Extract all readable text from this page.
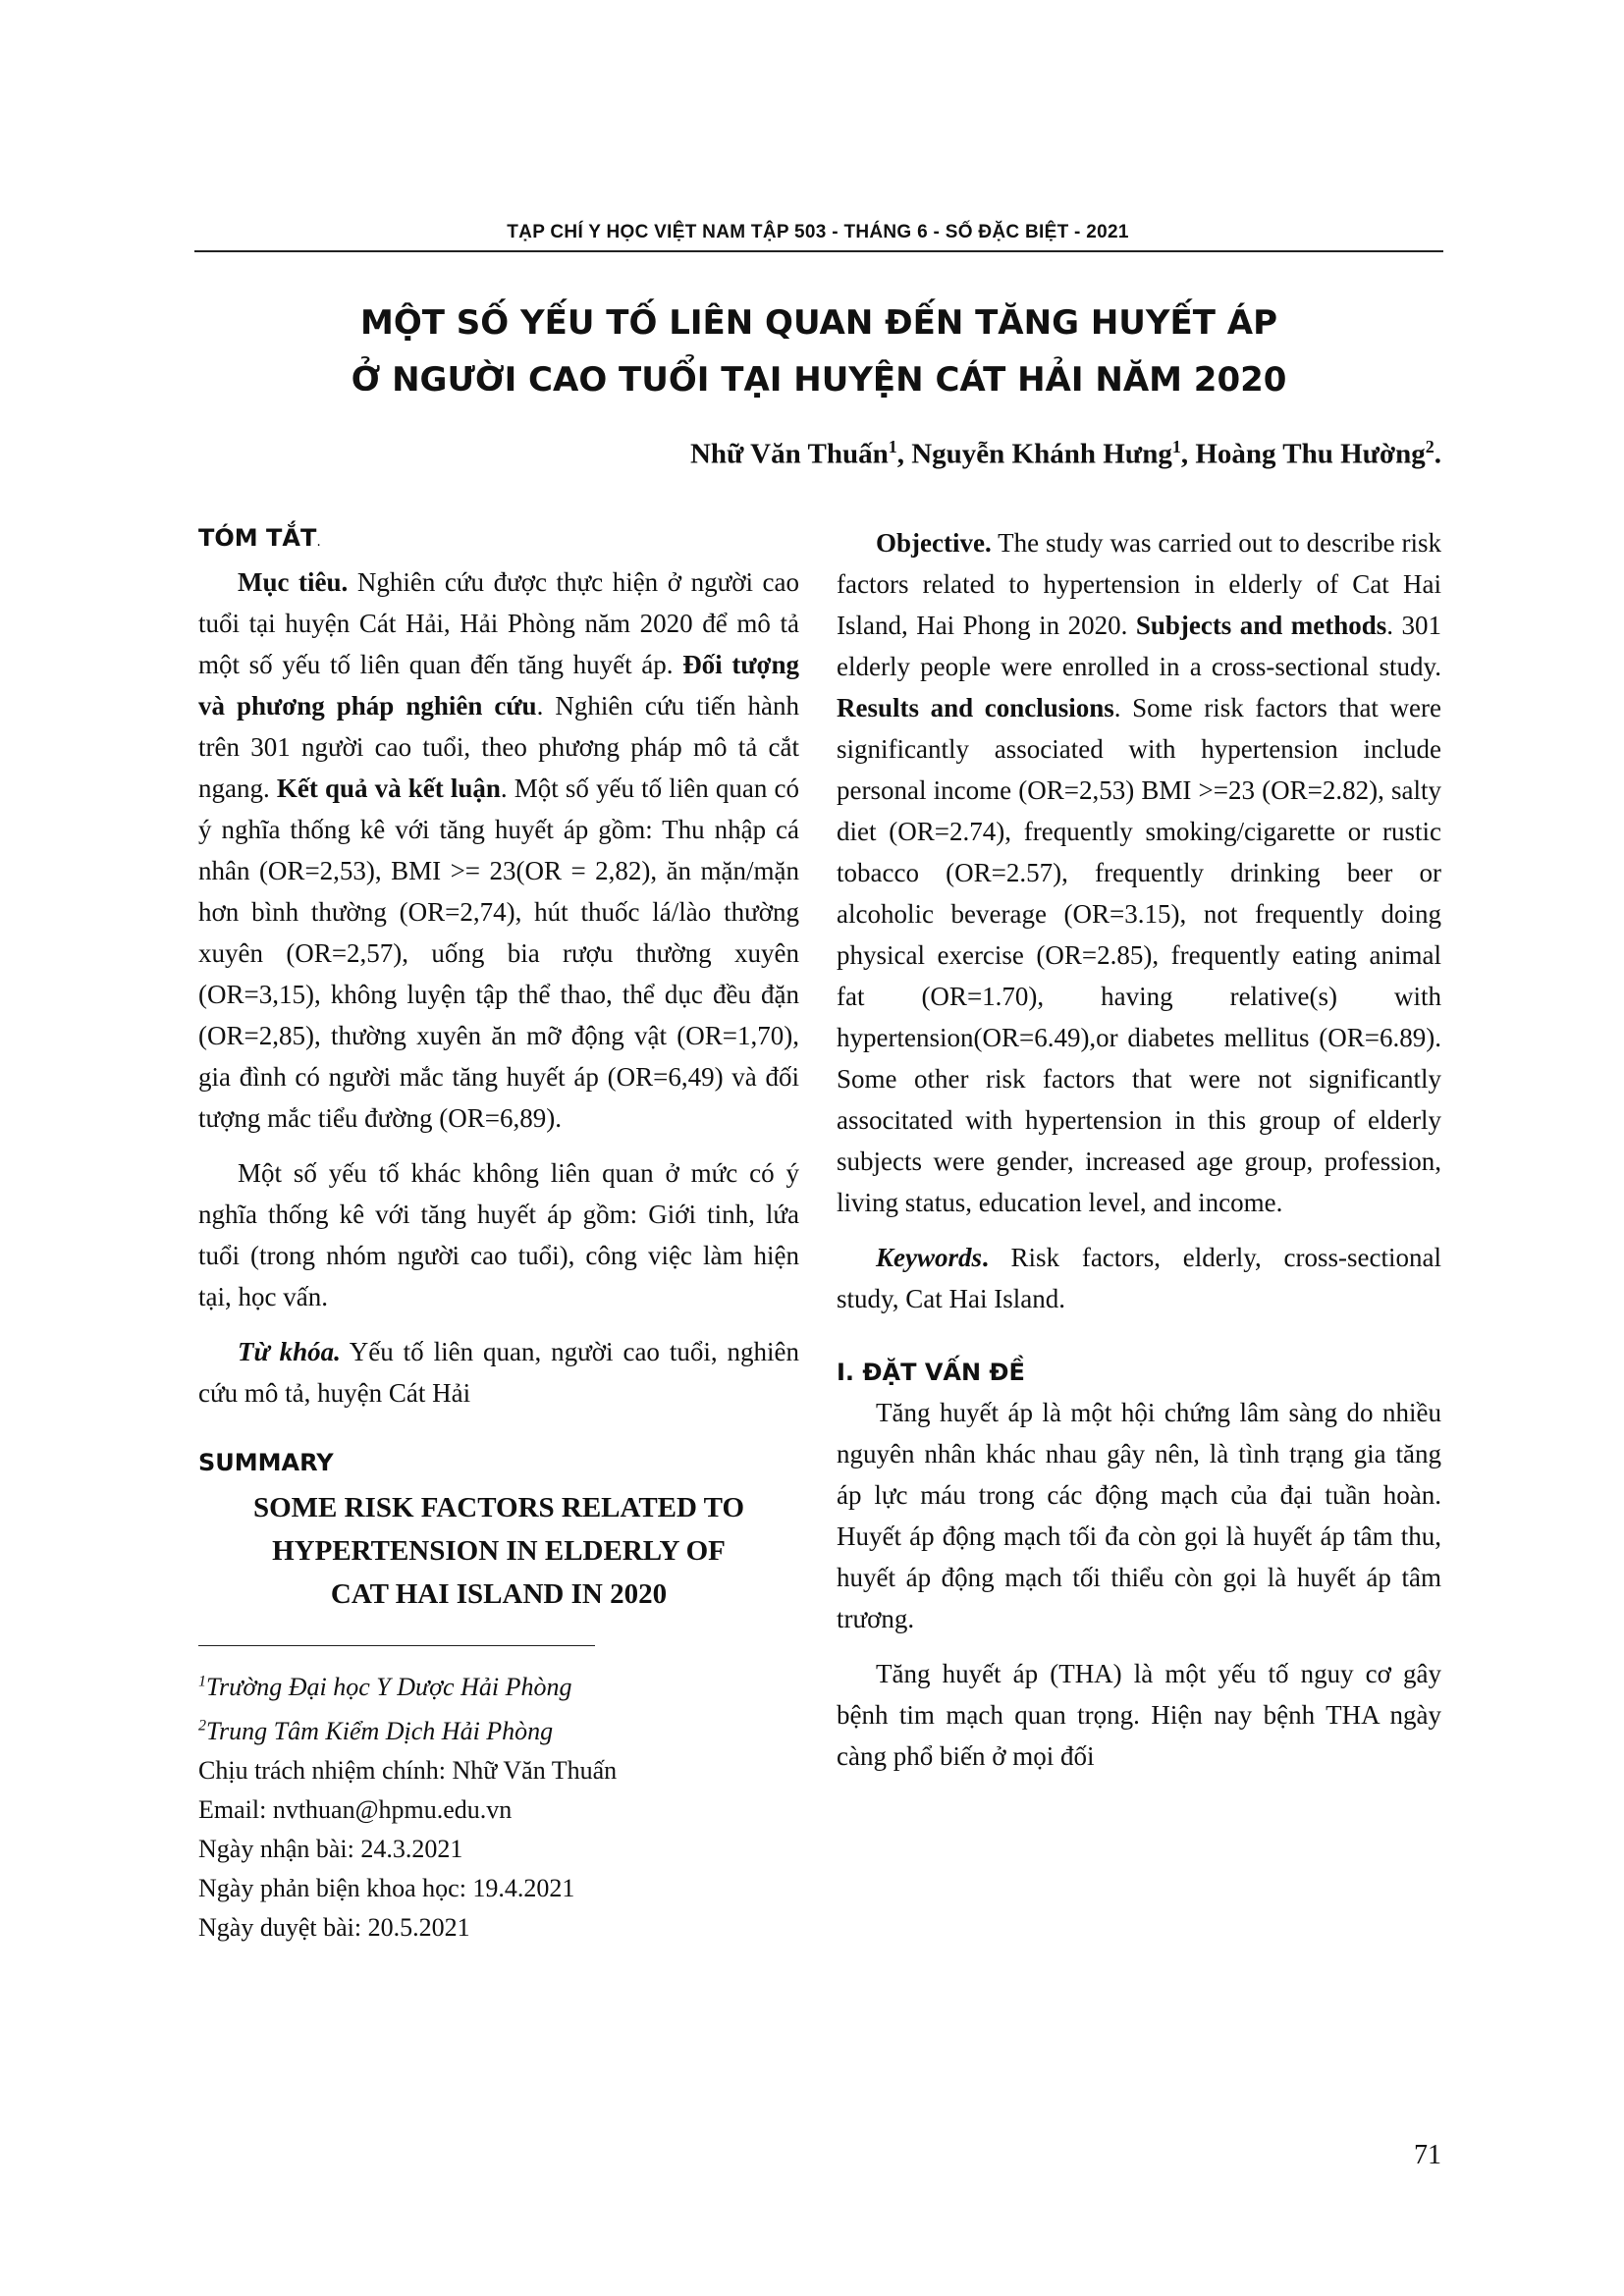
TẠP CHÍ Y HỌC VIỆT NAM TẬP 503 - THÁNG 6 - SỐ ĐẶC BIỆT - 2021
MỘT SỐ YẾU TỐ LIÊN QUAN ĐẾN TĂNG HUYẾT ÁP
Ở NGƯỜI CAO TUỔI TẠI HUYỆN CÁT HẢI NĂM 2020
Nhữ Văn Thuấn$^1$, Nguyễn Khánh Hưng$^1$, Hoàng Thu Hường$^2$.
TÓM TẮT.

Mục tiêu. Nghiên cứu được thực hiện ở người cao tuổi tại huyện Cát Hải, Hải Phòng năm 2020 để mô tả một số yếu tố liên quan đến tăng huyết áp. Đối tượng và phương pháp nghiên cứu. Nghiên cứu tiến hành trên 301 người cao tuổi, theo phương pháp mô tả cắt ngang. Kết quả và kết luận. Một số yếu tố liên quan có ý nghĩa thống kê với tăng huyết áp gồm: Thu nhập cá nhân (OR=2,53), BMI >= 23(OR = 2,82), ăn mặn/mặn hơn bình thường (OR=2,74), hút thuốc lá/lào thường xuyên (OR=2,57), uống bia rượu thường xuyên (OR=3,15), không luyện tập thể thao, thể dục đều đặn (OR=2,85), thường xuyên ăn mỡ động vật (OR=1,70), gia đình có người mắc tăng huyết áp (OR=6,49) và đối tượng mắc tiểu đường (OR=6,89).

Một số yếu tố khác không liên quan ở mức có ý nghĩa thống kê với tăng huyết áp gồm: Giới tinh, lứa tuổi (trong nhóm người cao tuổi), công việc làm hiện tại, học vấn.

Từ khóa. Yếu tố liên quan, người cao tuổi, nghiên cứu mô tả, huyện Cát Hải

SUMMARY
SOME RISK FACTORS RELATED TO
HYPERTENSION IN ELDERLY OF
CAT HAI ISLAND IN 2020

$^1$Trường Đại học Y Dược Hải Phòng

$^2$Trung Tâm Kiểm Dịch Hải Phòng

Chịu trách nhiệm chính: Nhữ Văn Thuấn

Email: nvthuan@hpmu.edu.vn

Ngày nhận bài: 24.3.2021

Ngày phản biện khoa học: 19.4.2021

Ngày duyệt bài: 20.5.2021

Objective. The study was carried out to describe risk factors related to hypertension in elderly of Cat Hai Island, Hai Phong in 2020. Subjects and methods. 301 elderly people were enrolled in a cross-sectional study. Results and conclusions. Some risk factors that were significantly associated with hypertension include personal income (OR=2,53) BMI >=23 (OR=2.82), salty diet (OR=2.74), frequently smoking/cigarette or rustic tobacco (OR=2.57), frequently drinking beer or alcoholic beverage (OR=3.15), not frequently doing physical exercise (OR=2.85), frequently eating animal fat (OR=1.70), having relative(s) with hypertension(OR=6.49),or diabetes mellitus (OR=6.89). Some other risk factors that were not significantly associtated with hypertension in this group of elderly subjects were gender, increased age group, profession, living status, education level, and income.

Keywords. Risk factors, elderly, cross-sectional study, Cat Hai Island.

I. ĐẶT VẤN ĐỀ

Tăng huyết áp là một hội chứng lâm sàng do nhiều nguyên nhân khác nhau gây nên, là tình trạng gia tăng áp lực máu trong các động mạch của đại tuần hoàn. Huyết áp động mạch tối đa còn gọi là huyết áp tâm thu, huyết áp động mạch tối thiểu còn gọi là huyết áp tâm trương.

Tăng huyết áp (THA) là một yếu tố nguy cơ gây bệnh tim mạch quan trọng. Hiện nay bệnh THA ngày càng phổ biến ở mọi đối

71
